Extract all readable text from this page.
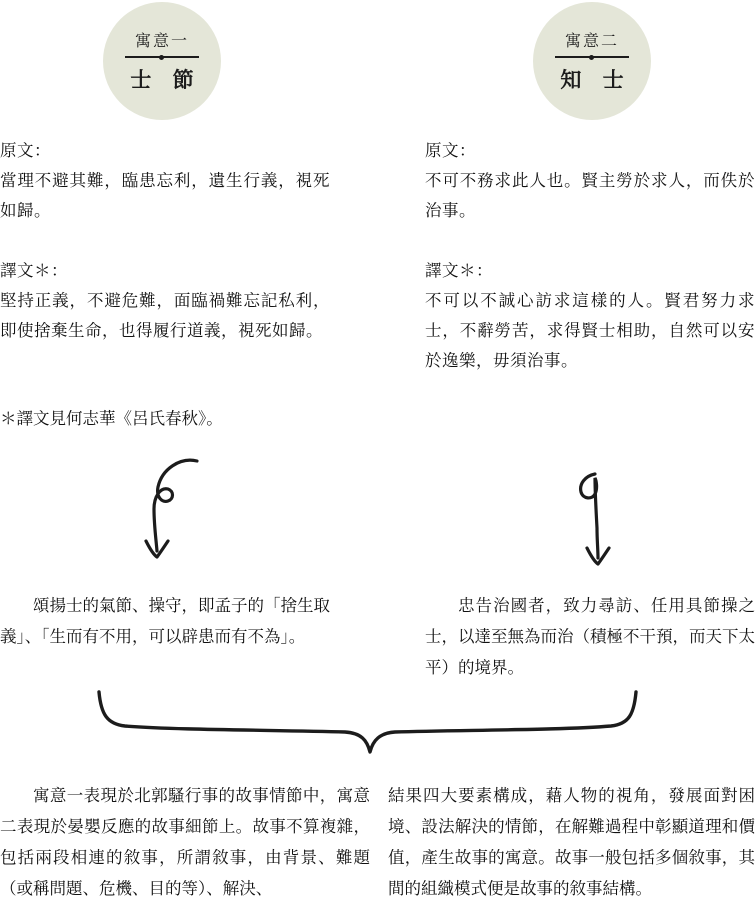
寓意一
士 節
寓意二
知 士
原文：
當理不避其難，臨患忘利，遺生行義，視死如歸。
譯文＊：
堅持正義，不避危難，面臨禍難忘記私利，即使捨棄生命，也得履行道義，視死如歸。
＊譯文見何志華《呂氏春秋》。
原文：
不可不務求此人也。賢主勞於求人，而佚於治事。
譯文＊：
不可以不誠心訪求這樣的人。賢君努力求士，不辭勞苦，求得賢士相助，自然可以安於逸樂，毋須治事。
頌揚士的氣節、操守，即孟子的「捨生取義」、「生而有不用，可以辟患而有不為」。
忠告治國者，致力尋訪、任用具節操之士，以達至無為而治（積極不干預，而天下太平）的境界。
寓意一表現於北郭騷行事的故事情節中，寓意二表現於晏嬰反應的故事細節上。故事不算複雜，包括兩段相連的敘事，所謂敘事，由背景、難題（或稱問題、危機、目的等）、解決、
結果四大要素構成，藉人物的視角，發展面對困境、設法解決的情節，在解難過程中彰顯道理和價值，產生故事的寓意。故事一般包括多個敘事，其間的組織模式便是故事的敘事結構。
